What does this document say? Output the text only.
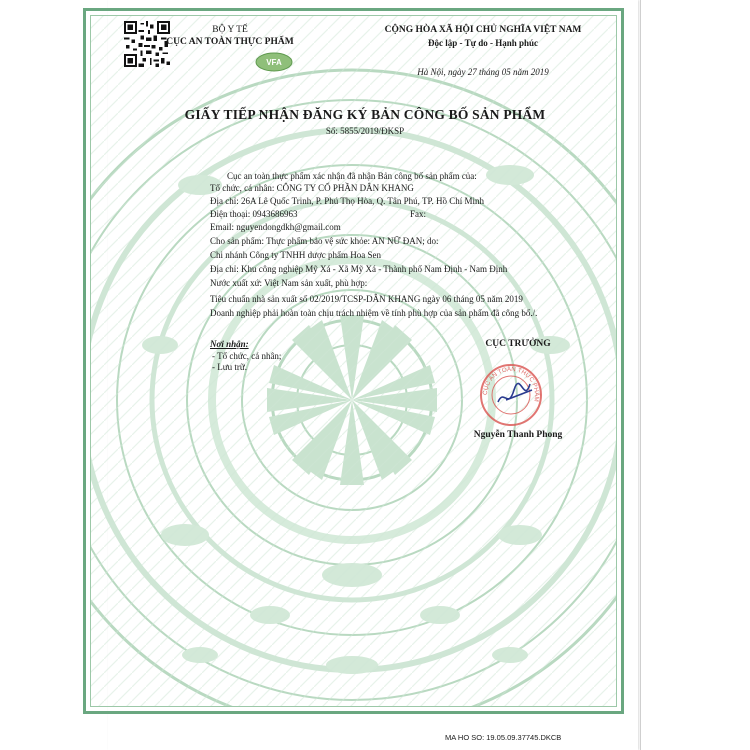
BỘ Y TẾ
CỤC AN TOÀN THỰC PHẨM
VFA
CỘNG HÒA XÃ HỘI CHỦ NGHĨA VIỆT NAM
Độc lập - Tự do - Hạnh phúc
Hà Nội, ngày 27 tháng 05 năm 2019
GIẤY TIẾP NHẬN ĐĂNG KÝ BẢN CÔNG BỐ SẢN PHẨM
Số: 5855/2019/ĐKSP
Cục an toàn thực phẩm xác nhận đã nhận Bản công bố sản phẩm của:
Tổ chức, cá nhân: CÔNG TY CỔ PHẦN DÂN KHANG
Địa chỉ: 26A Lê Quốc Trinh, P. Phú Thọ Hòa, Q. Tân Phú, TP. Hồ Chí Minh
Điện thoại: 0943686963	Fax:
Email: nguyendongdkh@gmail.com
Cho sản phẩm: Thực phẩm bảo vệ sức khỏe: AN NỮ ĐAN; do:
Chi nhánh Công ty TNHH dược phẩm Hoa Sen
Địa chỉ: Khu công nghiệp Mỹ Xá - Xã Mỹ Xá - Thành phố Nam Định - Nam Định
Nước xuất xứ: Việt Nam sản xuất, phù hợp:
Tiêu chuẩn nhà sản xuất số 02/2019/TCSP-DÂN KHANG ngày 06 tháng 05 năm 2019
Doanh nghiệp phải hoàn toàn chịu trách nhiệm về tính phù hợp của sản phẩm đã công bố./.
Nơi nhận:
- Tổ chức, cá nhân;
- Lưu trữ.
CỤC TRƯỞNG
CỤC AN TOÀN THỰC PHẨM
Nguyễn Thanh Phong
MA HO SO: 19.05.09.37745.DKCB
